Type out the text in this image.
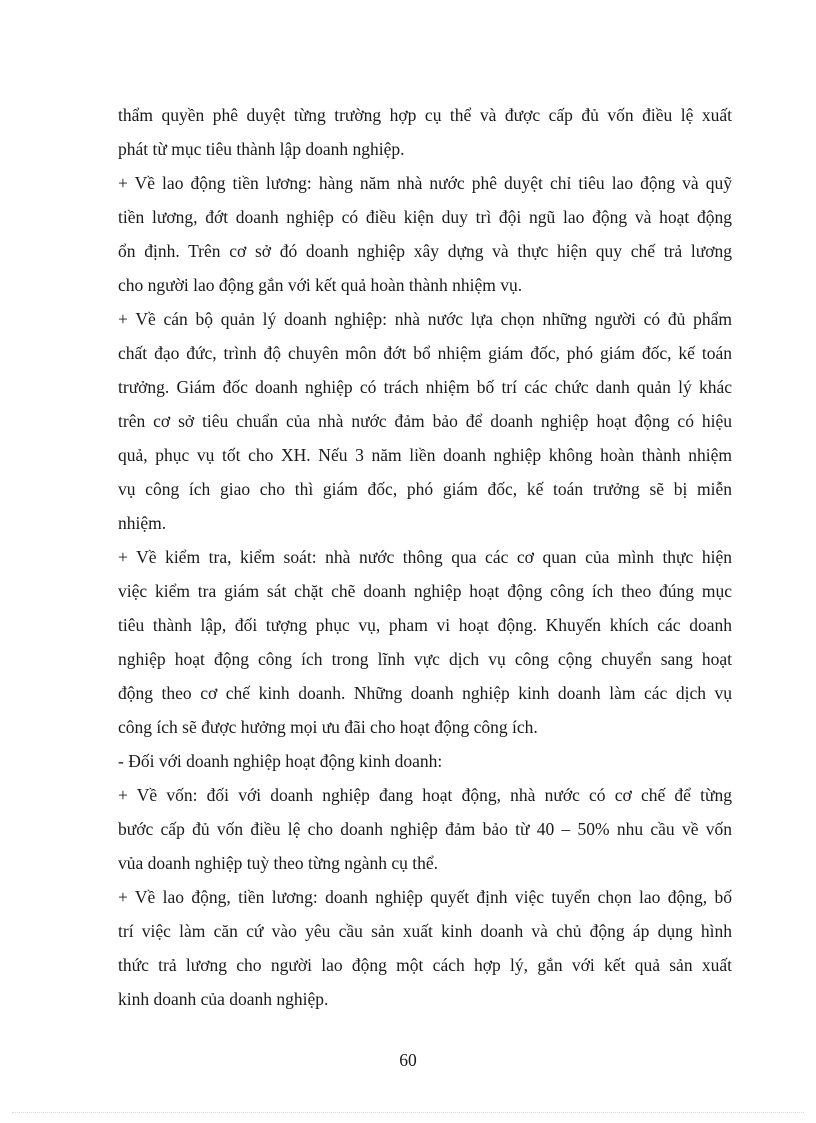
thẩm quyền phê duyệt từng trường hợp cụ thể và được cấp đủ vốn điều lệ xuất
phát từ mục tiêu thành lập doanh nghiệp.
+ Về lao động tiền lương: hàng năm nhà nước phê duyệt chỉ tiêu lao động và quỹ
tiền lương, đớt doanh nghiệp có điều kiện duy trì đội ngũ lao động và hoạt động
ổn định. Trên cơ sở đó doanh nghiệp xây dựng và thực hiện quy chế trả lương
cho người lao động gắn với kết quả hoàn thành nhiệm vụ.
+ Về cán bộ quản lý doanh nghiệp: nhà nước lựa chọn những người có đủ phẩm
chất đạo đức, trình độ chuyên môn đớt bổ nhiệm giám đốc, phó giám đốc, kế toán
trưởng. Giám đốc doanh nghiệp có trách nhiệm bố trí các chức danh quản lý khác
trên cơ sở tiêu chuẩn của nhà nước đảm bảo để doanh nghiệp hoạt động có hiệu
quả, phục vụ tốt cho XH. Nếu 3 năm liền doanh nghiệp không hoàn thành nhiệm
vụ công ích giao cho thì giám đốc, phó giám đốc, kế toán trưởng sẽ bị miễn
nhiệm.
+ Về kiểm tra, kiểm soát: nhà nước thông qua các cơ quan của mình thực hiện
việc kiểm tra giám sát chặt chẽ doanh nghiệp hoạt động công ích theo đúng mục
tiêu thành lập, đối tượng phục vụ, pham vi hoạt động. Khuyến khích các doanh
nghiệp hoạt động công ích trong lĩnh vực dịch vụ công cộng chuyển sang hoạt
động theo cơ chế kinh doanh. Những doanh nghiệp kinh doanh làm các dịch vụ
công ích sẽ được hưởng mọi ưu đãi cho hoạt động công ích.
- Đối với doanh nghiệp hoạt động kinh doanh:
+ Về vốn: đối với doanh nghiệp đang hoạt động, nhà nước có cơ chế để từng
bước cấp đủ vốn điều lệ cho doanh nghiệp đảm bảo từ 40 – 50% nhu cầu về vốn
vủa doanh nghiệp tuỳ theo từng ngành cụ thể.
+ Về lao động, tiền lương: doanh nghiệp quyết định việc tuyển chọn lao động, bố
trí việc làm căn cứ vào yêu cầu sản xuất kinh doanh và chủ động áp dụng hình
thức trả lương cho người lao động một cách hợp lý, gắn với kết quả sản xuất
kinh doanh của doanh nghiệp.
60
